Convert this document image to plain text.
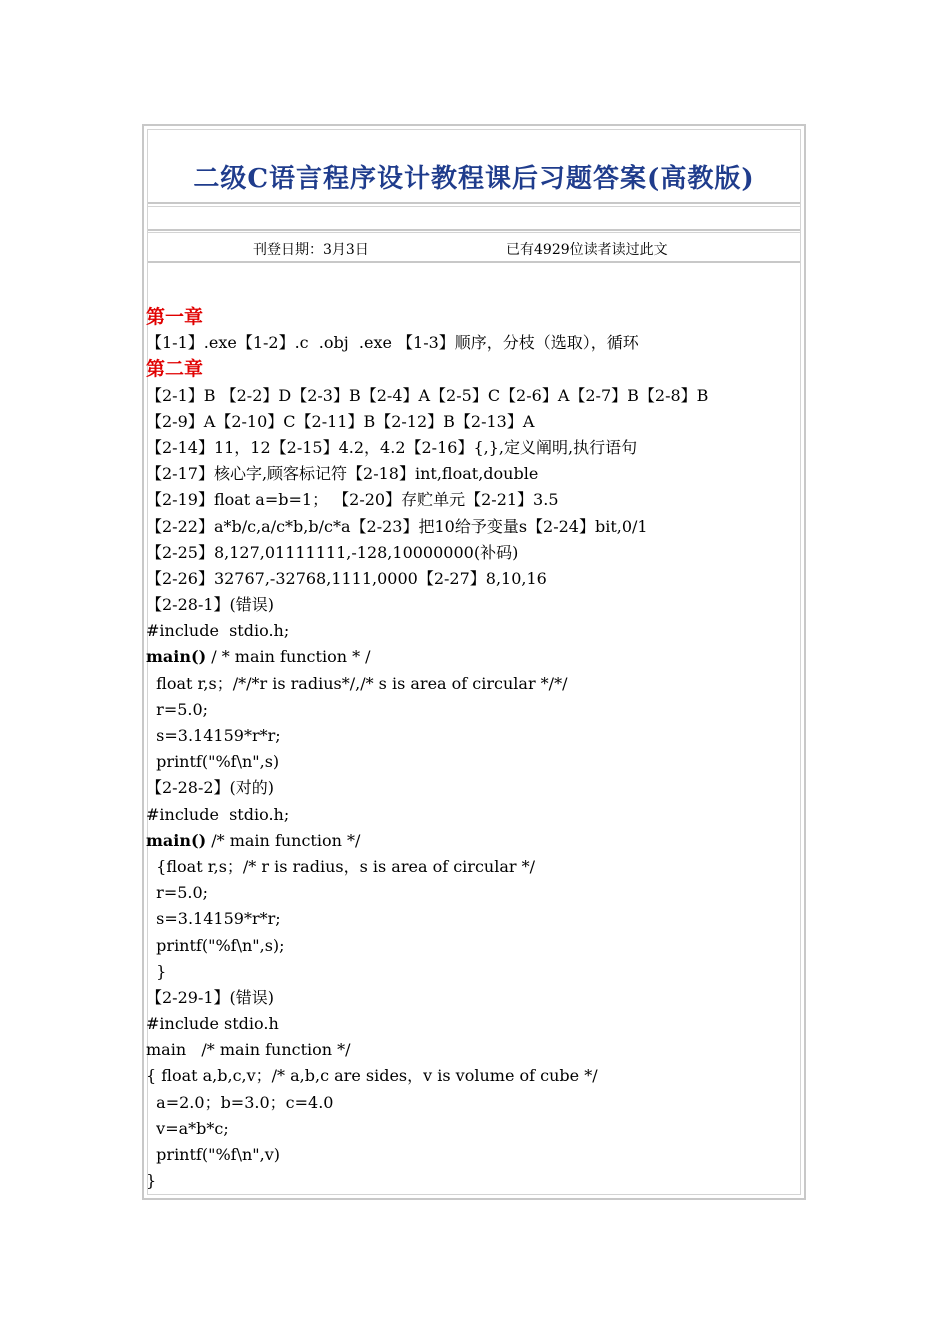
二级C语言程序设计教程课后习题答案(高教版)
刊登日期：3月3日	已有4929位读者读过此文
第一章
【1-1】.exe【1-2】.c  .obj  .exe 【1-3】顺序，分枝（选取），循环
第二章
【2-1】B 【2-2】D【2-3】B【2-4】A【2-5】C【2-6】A【2-7】B【2-8】B
【2-9】A【2-10】C【2-11】B【2-12】B【2-13】A
【2-14】11，12【2-15】4.2，4.2【2-16】{,},定义阐明,执行语句
【2-17】核心字,顾客标记符【2-18】int,float,double
【2-19】float a=b=1； 【2-20】存贮单元【2-21】3.5
【2-22】a*b/c,a/c*b,b/c*a【2-23】把10给予变量s【2-24】bit,0/1
【2-25】8,127,01111111,-128,10000000(补码)
【2-26】32767,-32768,1111,0000【2-27】8,10,16
【2-28-1】(错误)
#include  stdio.h;
main() / * main function * /
float r,s；/*/*r is radius*/,/* s is area of circular */*/
r=5.0;
s=3.14159*r*r;
printf("%f\n",s)
【2-28-2】(对的)
#include  stdio.h;
main() /* main function */
{float r,s；/* r is radius，s is area of circular */
r=5.0;
s=3.14159*r*r;
printf("%f\n",s);
}
【2-29-1】(错误)
#include stdio.h
main   /* main function */
{ float a,b,c,v；/* a,b,c are sides，v is volume of cube */
a=2.0；b=3.0；c=4.0
v=a*b*c;
printf("%f\n",v)
}
